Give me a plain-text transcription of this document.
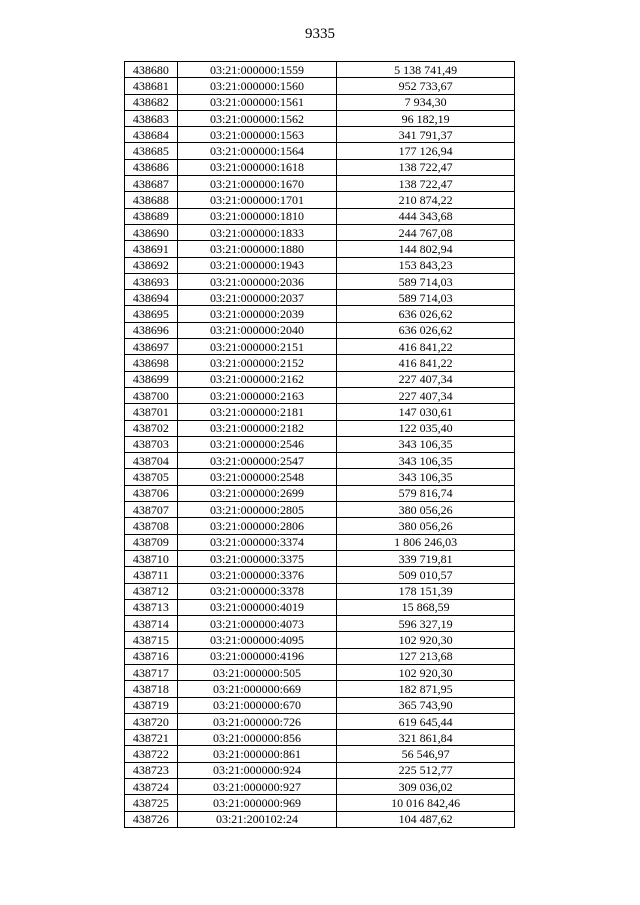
9335
438680	03:21:000000:1559	5 138 741,49
438681	03:21:000000:1560	952 733,67
438682	03:21:000000:1561	7 934,30
438683	03:21:000000:1562	96 182,19
438684	03:21:000000:1563	341 791,37
438685	03:21:000000:1564	177 126,94
438686	03:21:000000:1618	138 722,47
438687	03:21:000000:1670	138 722,47
438688	03:21:000000:1701	210 874,22
438689	03:21:000000:1810	444 343,68
438690	03:21:000000:1833	244 767,08
438691	03:21:000000:1880	144 802,94
438692	03:21:000000:1943	153 843,23
438693	03:21:000000:2036	589 714,03
438694	03:21:000000:2037	589 714,03
438695	03:21:000000:2039	636 026,62
438696	03:21:000000:2040	636 026,62
438697	03:21:000000:2151	416 841,22
438698	03:21:000000:2152	416 841,22
438699	03:21:000000:2162	227 407,34
438700	03:21:000000:2163	227 407,34
438701	03:21:000000:2181	147 030,61
438702	03:21:000000:2182	122 035,40
438703	03:21:000000:2546	343 106,35
438704	03:21:000000:2547	343 106,35
438705	03:21:000000:2548	343 106,35
438706	03:21:000000:2699	579 816,74
438707	03:21:000000:2805	380 056,26
438708	03:21:000000:2806	380 056,26
438709	03:21:000000:3374	1 806 246,03
438710	03:21:000000:3375	339 719,81
438711	03:21:000000:3376	509 010,57
438712	03:21:000000:3378	178 151,39
438713	03:21:000000:4019	15 868,59
438714	03:21:000000:4073	596 327,19
438715	03:21:000000:4095	102 920,30
438716	03:21:000000:4196	127 213,68
438717	03:21:000000:505	102 920,30
438718	03:21:000000:669	182 871,95
438719	03:21:000000:670	365 743,90
438720	03:21:000000:726	619 645,44
438721	03:21:000000:856	321 861,84
438722	03:21:000000:861	56 546,97
438723	03:21:000000:924	225 512,77
438724	03:21:000000:927	309 036,02
438725	03:21:000000:969	10 016 842,46
438726	03:21:200102:24	104 487,62
